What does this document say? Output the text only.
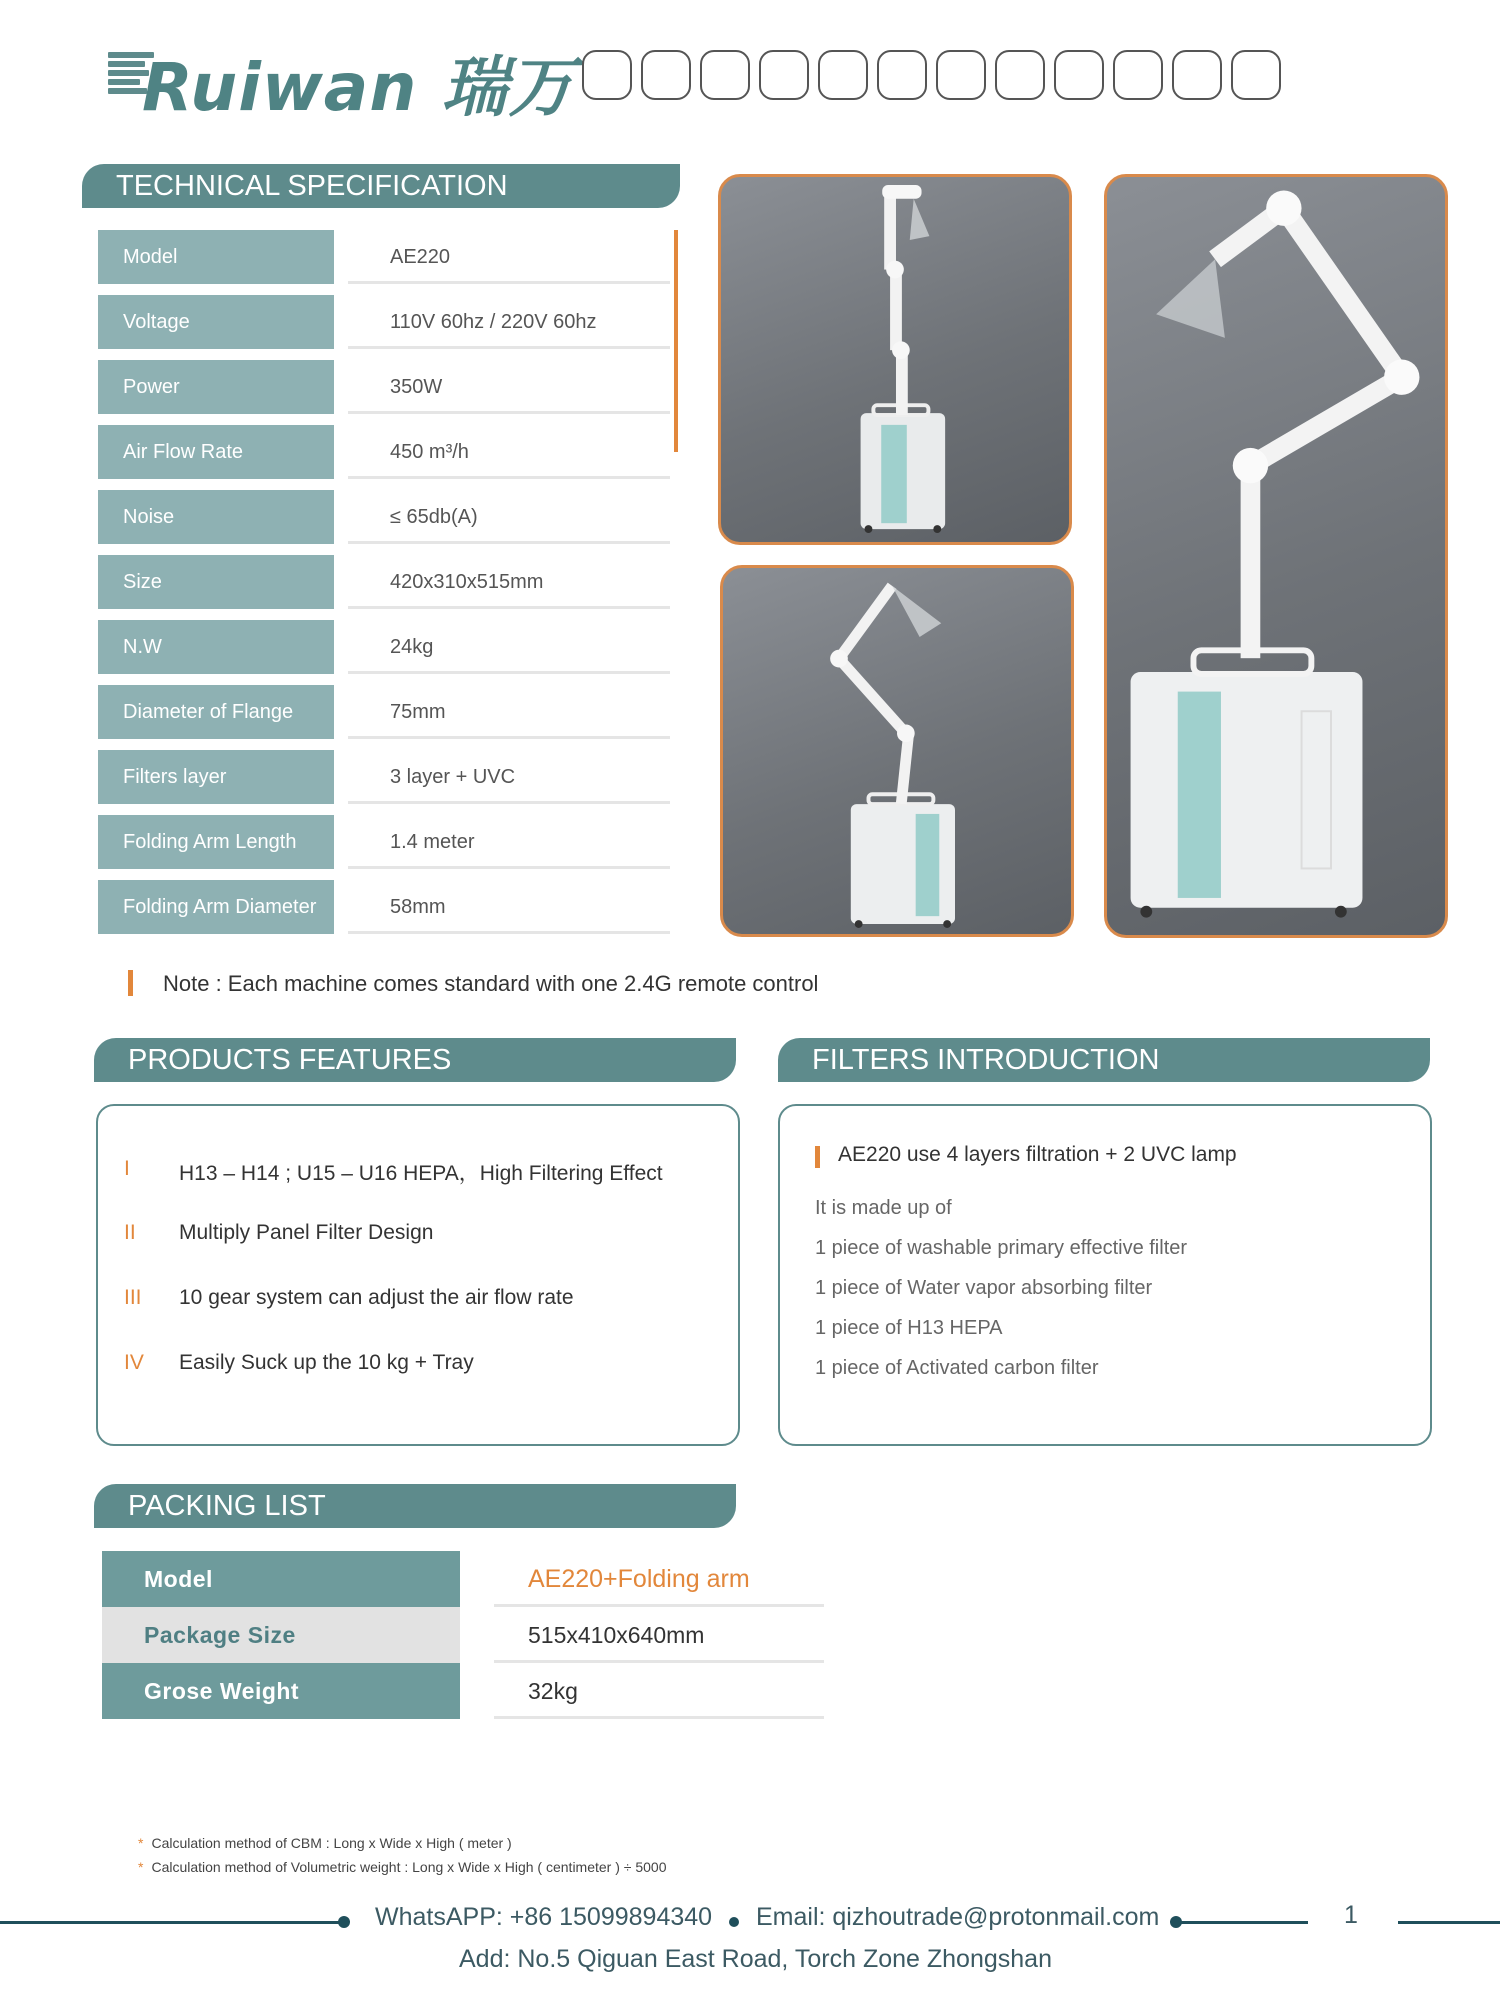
Ruiwan 瑞万
TECHNICAL SPECIFICATION
Model	AE220
Voltage	110V 60hz / 220V 60hz
Power	350W
Air Flow Rate	450 m³/h
Noise	≤ 65db(A)
Size	420x310x515mm
N.W	24kg
Diameter of Flange	75mm
Filters layer	3 layer + UVC
Folding Arm Length	1.4 meter
Folding Arm Diameter	58mm
Note : Each machine comes standard with one 2.4G remote control
PRODUCTS FEATURES
I H13 – H14 ; U15 – U16 HEPA，High Filtering Effect
II Multiply Panel Filter Design
III 10 gear system can adjust the air flow rate
IV Easily Suck up the 10 kg + Tray
FILTERS INTRODUCTION
AE220 use 4 layers filtration + 2 UVC lamp
It is made up of
1 piece of washable primary effective filter
1 piece of Water vapor absorbing filter
1 piece of H13 HEPA
1 piece of Activated carbon filter
PACKING LIST
Model	AE220+Folding arm
Package Size	515x410x640mm
Grose Weight	32kg
* Calculation method of CBM : Long x Wide x High ( meter )
* Calculation method of Volumetric weight : Long x Wide x High ( centimeter ) ÷ 5000
WhatsAPP: +86 15099894340 Email: qizhoutrade@protonmail.com	1
Add: No.5 Qiguan East Road, Torch Zone Zhongshan
